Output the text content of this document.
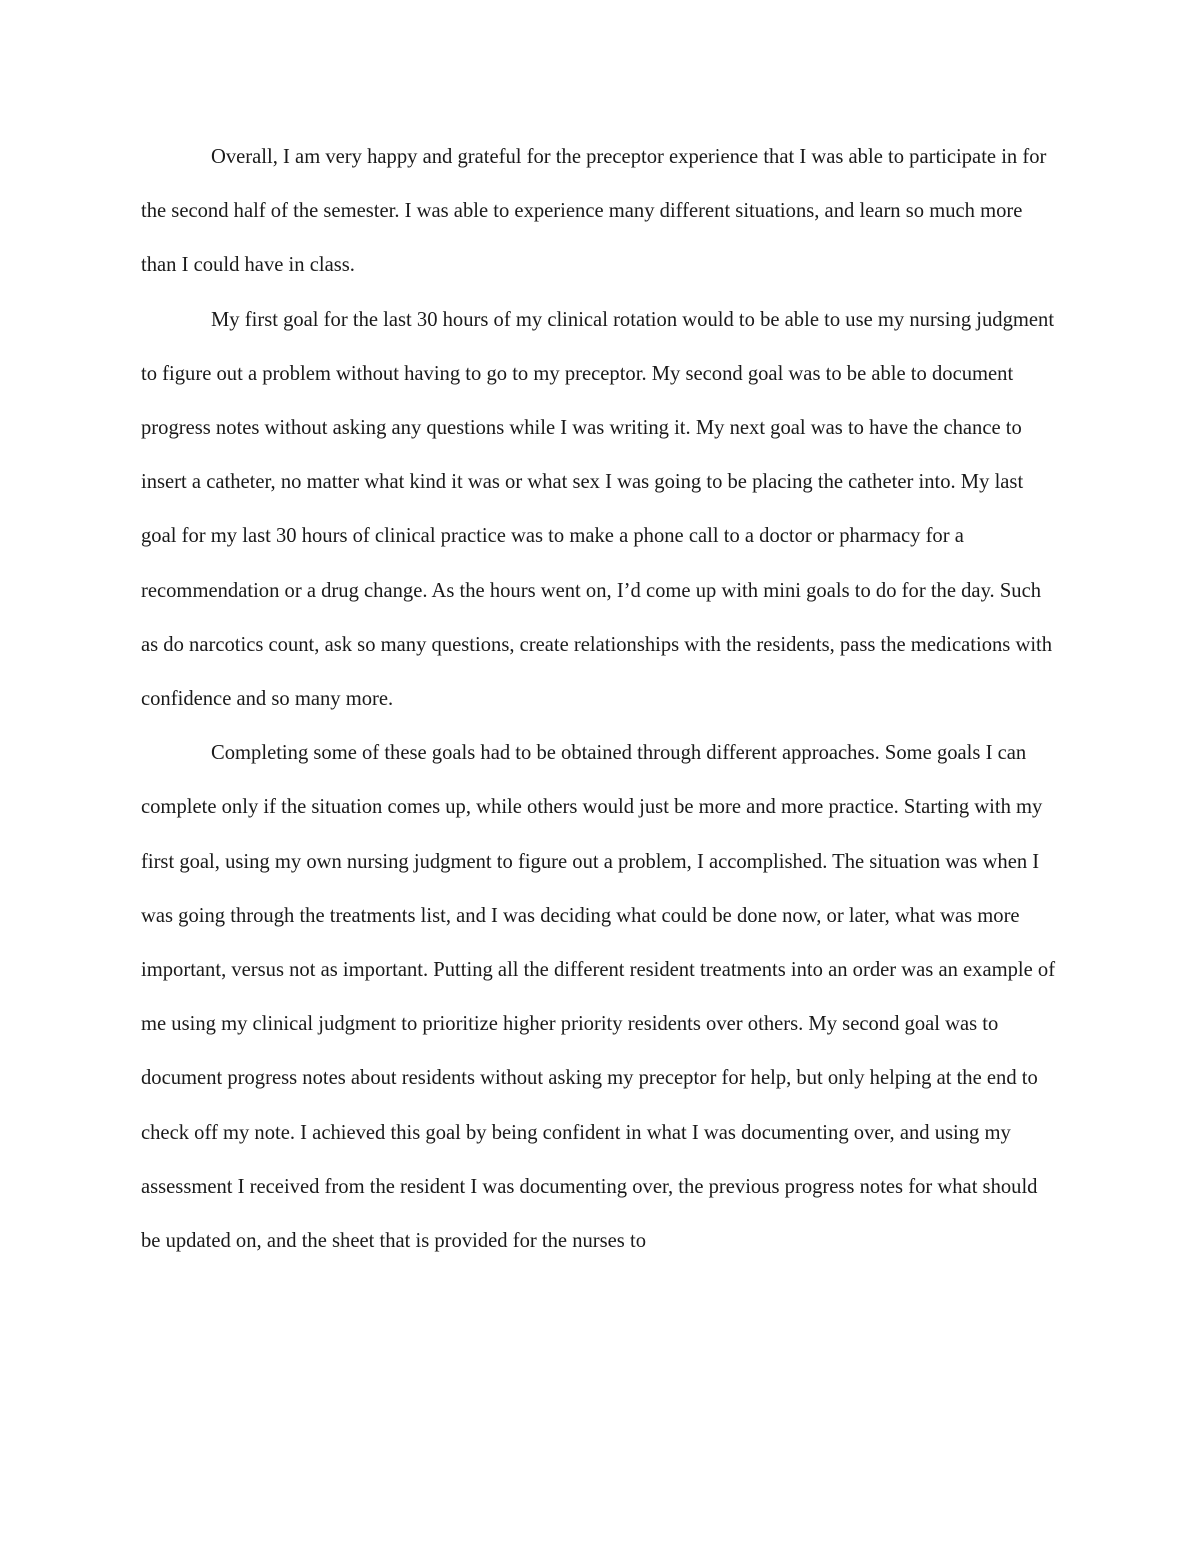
Overall, I am very happy and grateful for the preceptor experience that I was able to participate in for the second half of the semester. I was able to experience many different situations, and learn so much more than I could have in class.

My first goal for the last 30 hours of my clinical rotation would to be able to use my nursing judgment to figure out a problem without having to go to my preceptor. My second goal was to be able to document progress notes without asking any questions while I was writing it. My next goal was to have the chance to insert a catheter, no matter what kind it was or what sex I was going to be placing the catheter into. My last goal for my last 30 hours of clinical practice was to make a phone call to a doctor or pharmacy for a recommendation or a drug change. As the hours went on, I’d come up with mini goals to do for the day. Such as do narcotics count, ask so many questions, create relationships with the residents, pass the medications with confidence and so many more.

Completing some of these goals had to be obtained through different approaches. Some goals I can complete only if the situation comes up, while others would just be more and more practice. Starting with my first goal, using my own nursing judgment to figure out a problem, I accomplished. The situation was when I was going through the treatments list, and I was deciding what could be done now, or later, what was more important, versus not as important. Putting all the different resident treatments into an order was an example of me using my clinical judgment to prioritize higher priority residents over others. My second goal was to document progress notes about residents without asking my preceptor for help, but only helping at the end to check off my note. I achieved this goal by being confident in what I was documenting over, and using my assessment I received from the resident I was documenting over, the previous progress notes for what should be updated on, and the sheet that is provided for the nurses to
